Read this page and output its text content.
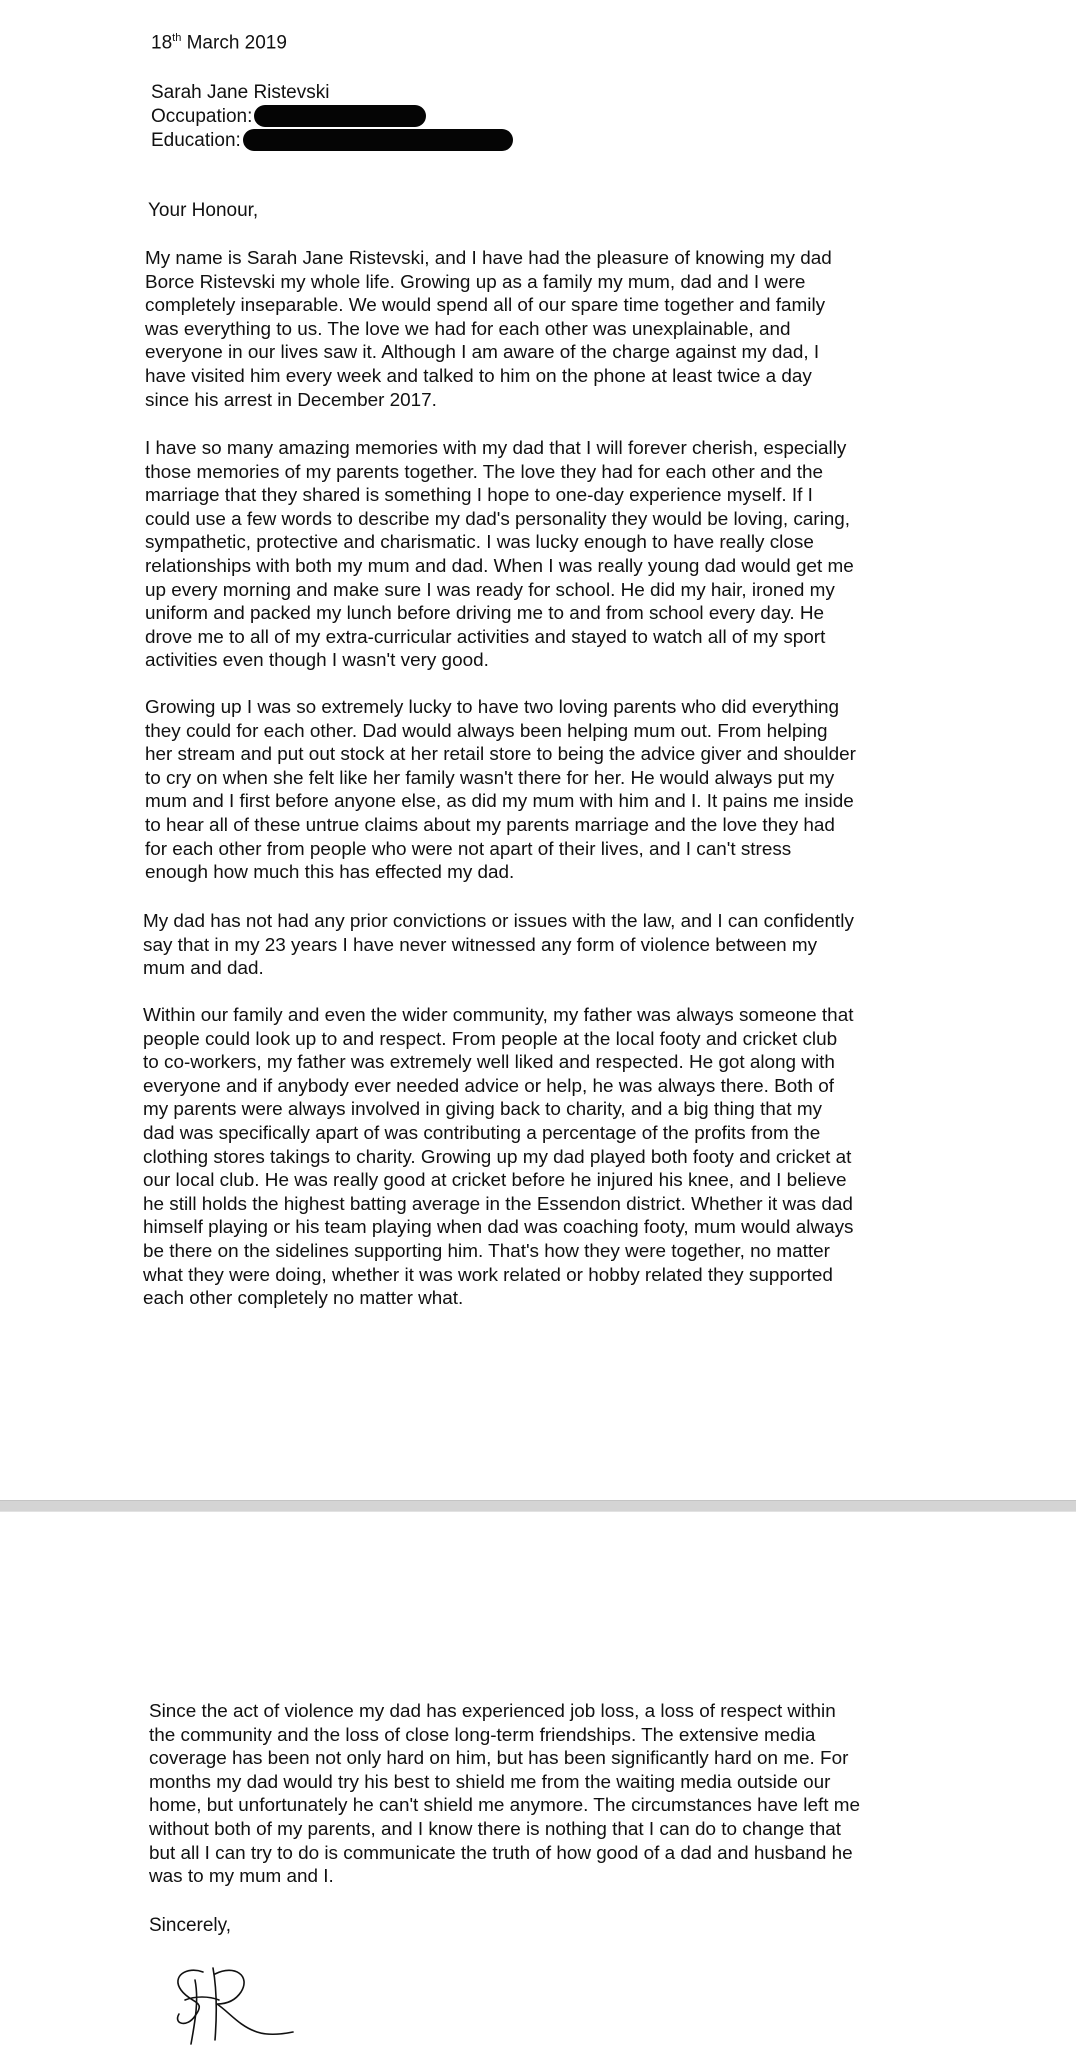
18th March 2019
Sarah Jane Ristevski
Occupation:
Education:
Your Honour,

My name is Sarah Jane Ristevski, and I have had the pleasure of knowing my dad
Borce Ristevski my whole life. Growing up as a family my mum, dad and I were
completely inseparable. We would spend all of our spare time together and family
was everything to us. The love we had for each other was unexplainable, and
everyone in our lives saw it. Although I am aware of the charge against my dad, I
have visited him every week and talked to him on the phone at least twice a day
since his arrest in December 2017.

I have so many amazing memories with my dad that I will forever cherish, especially
those memories of my parents together. The love they had for each other and the
marriage that they shared is something I hope to one-day experience myself. If I
could use a few words to describe my dad's personality they would be loving, caring,
sympathetic, protective and charismatic. I was lucky enough to have really close
relationships with both my mum and dad. When I was really young dad would get me
up every morning and make sure I was ready for school. He did my hair, ironed my
uniform and packed my lunch before driving me to and from school every day. He
drove me to all of my extra-curricular activities and stayed to watch all of my sport
activities even though I wasn't very good.

Growing up I was so extremely lucky to have two loving parents who did everything
they could for each other. Dad would always been helping mum out. From helping
her stream and put out stock at her retail store to being the advice giver and shoulder
to cry on when she felt like her family wasn't there for her. He would always put my
mum and I first before anyone else, as did my mum with him and I. It pains me inside
to hear all of these untrue claims about my parents marriage and the love they had
for each other from people who were not apart of their lives, and I can't stress
enough how much this has effected my dad.

My dad has not had any prior convictions or issues with the law, and I can confidently
say that in my 23 years I have never witnessed any form of violence between my
mum and dad.

Within our family and even the wider community, my father was always someone that
people could look up to and respect. From people at the local footy and cricket club
to co-workers, my father was extremely well liked and respected. He got along with
everyone and if anybody ever needed advice or help, he was always there. Both of
my parents were always involved in giving back to charity, and a big thing that my
dad was specifically apart of was contributing a percentage of the profits from the
clothing stores takings to charity. Growing up my dad played both footy and cricket at
our local club. He was really good at cricket before he injured his knee, and I believe
he still holds the highest batting average in the Essendon district. Whether it was dad
himself playing or his team playing when dad was coaching footy, mum would always
be there on the sidelines supporting him. That's how they were together, no matter
what they were doing, whether it was work related or hobby related they supported
each other completely no matter what.

Since the act of violence my dad has experienced job loss, a loss of respect within
the community and the loss of close long-term friendships. The extensive media
coverage has been not only hard on him, but has been significantly hard on me. For
months my dad would try his best to shield me from the waiting media outside our
home, but unfortunately he can't shield me anymore. The circumstances have left me
without both of my parents, and I know there is nothing that I can do to change that
but all I can try to do is communicate the truth of how good of a dad and husband he
was to my mum and I.

Sincerely,
